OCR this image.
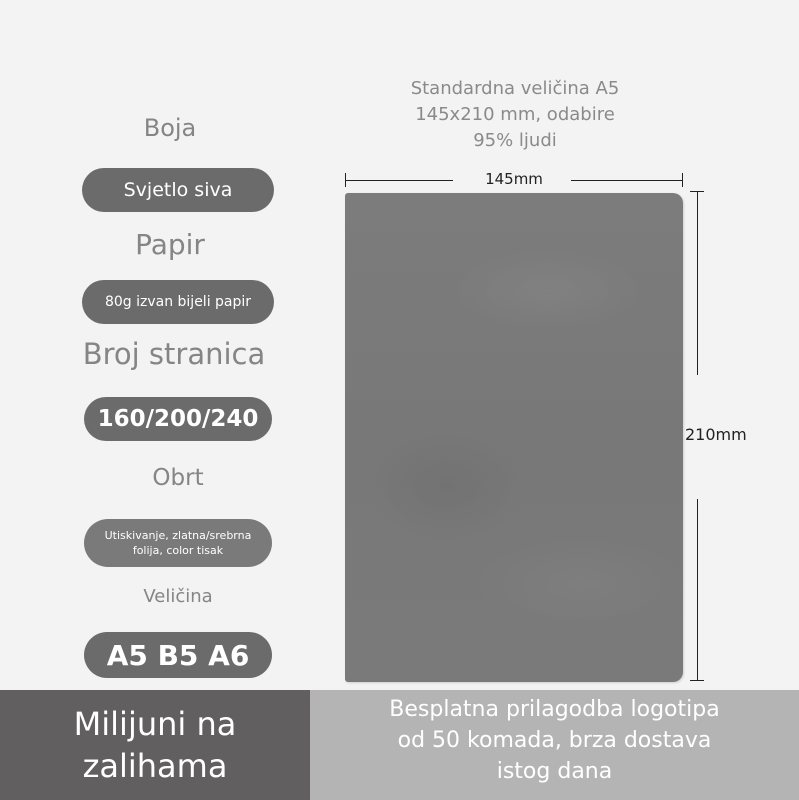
Boja
Svjetlo siva
Papir
80g izvan bijeli papir
Broj stranica
160/200/240
Obrt
Utiskivanje, zlatna/srebrna
folija, color tisak
Veličina
A5 B5 A6
Standardna veličina A5
145x210 mm, odabire
95% ljudi
145mm
210mm
Milijuni na
zalihama
Besplatna prilagodba logotipa
od 50 komada, brza dostava
istog dana
